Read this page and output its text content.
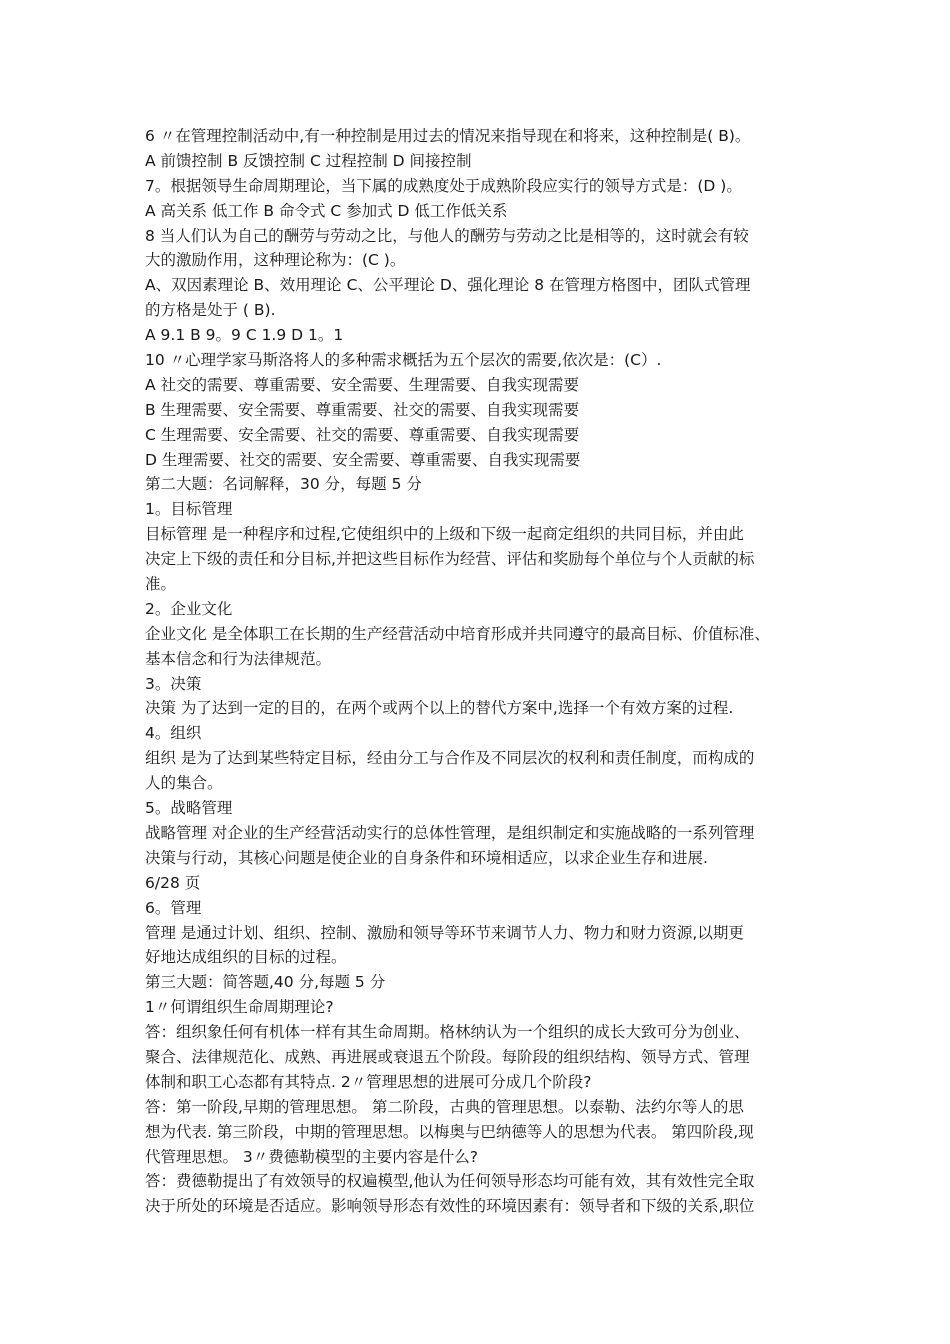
6 〃在管理控制活动中,有一种控制是用过去的情况来指导现在和将来，这种控制是( B)。
A 前馈控制 B 反馈控制 C 过程控制 D 间接控制
7。根据领导生命周期理论，当下属的成熟度处于成熟阶段应实行的领导方式是：(D )。
A 高关系 低工作 B 命令式 C 参加式 D 低工作低关系
8 当人们认为自己的酬劳与劳动之比，与他人的酬劳与劳动之比是相等的，这时就会有较
大的激励作用，这种理论称为：(C )。
A、双因素理论 B、效用理论 C、公平理论 D、强化理论 8 在管理方格图中，团队式管理
的方格是处于 ( B).
A 9.1 B 9。9 C 1.9 D 1。1
10 〃心理学家马斯洛将人的多种需求概括为五个层次的需要,依次是：(C）.
A 社交的需要、尊重需要、安全需要、生理需要、自我实现需要
B 生理需要、安全需要、尊重需要、社交的需要、自我实现需要
C 生理需要、安全需要、社交的需要、尊重需要、自我实现需要
D 生理需要、社交的需要、安全需要、尊重需要、自我实现需要
第二大题：名词解释，30 分，每题 5 分
1。目标管理
目标管理 是一种程序和过程,它使组织中的上级和下级一起商定组织的共同目标，并由此
决定上下级的责任和分目标,并把这些目标作为经营、评估和奖励每个单位与个人贡献的标
准。
2。企业文化
企业文化 是全体职工在长期的生产经营活动中培育形成并共同遵守的最高目标、价值标准、
基本信念和行为法律规范。
3。决策
决策 为了达到一定的目的，在两个或两个以上的替代方案中,选择一个有效方案的过程.
4。组织
组织 是为了达到某些特定目标，经由分工与合作及不同层次的权利和责任制度，而构成的
人的集合。
5。战略管理
战略管理 对企业的生产经营活动实行的总体性管理，是组织制定和实施战略的一系列管理
决策与行动，其核心问题是使企业的自身条件和环境相适应，以求企业生存和进展.
6/28 页
6。管理
管理 是通过计划、组织、控制、激励和领导等环节来调节人力、物力和财力资源,以期更
好地达成组织的目标的过程。
第三大题：简答题,40 分,每题 5 分
1〃何谓组织生命周期理论?
答：组织象任何有机体一样有其生命周期。格林纳认为一个组织的成长大致可分为创业、
聚合、法律规范化、成熟、再进展或衰退五个阶段。每阶段的组织结构、领导方式、管理
体制和职工心态都有其特点. 2〃管理思想的进展可分成几个阶段?
答：第一阶段,早期的管理思想。 第二阶段，古典的管理思想。以泰勒、法约尔等人的思
想为代表. 第三阶段，中期的管理思想。以梅奥与巴纳德等人的思想为代表。 第四阶段,现
代管理思想。 3〃费德勒模型的主要内容是什么?
答：费德勒提出了有效领导的权遍模型,他认为任何领导形态均可能有效，其有效性完全取
决于所处的环境是否适应。影响领导形态有效性的环境因素有：领导者和下级的关系,职位
